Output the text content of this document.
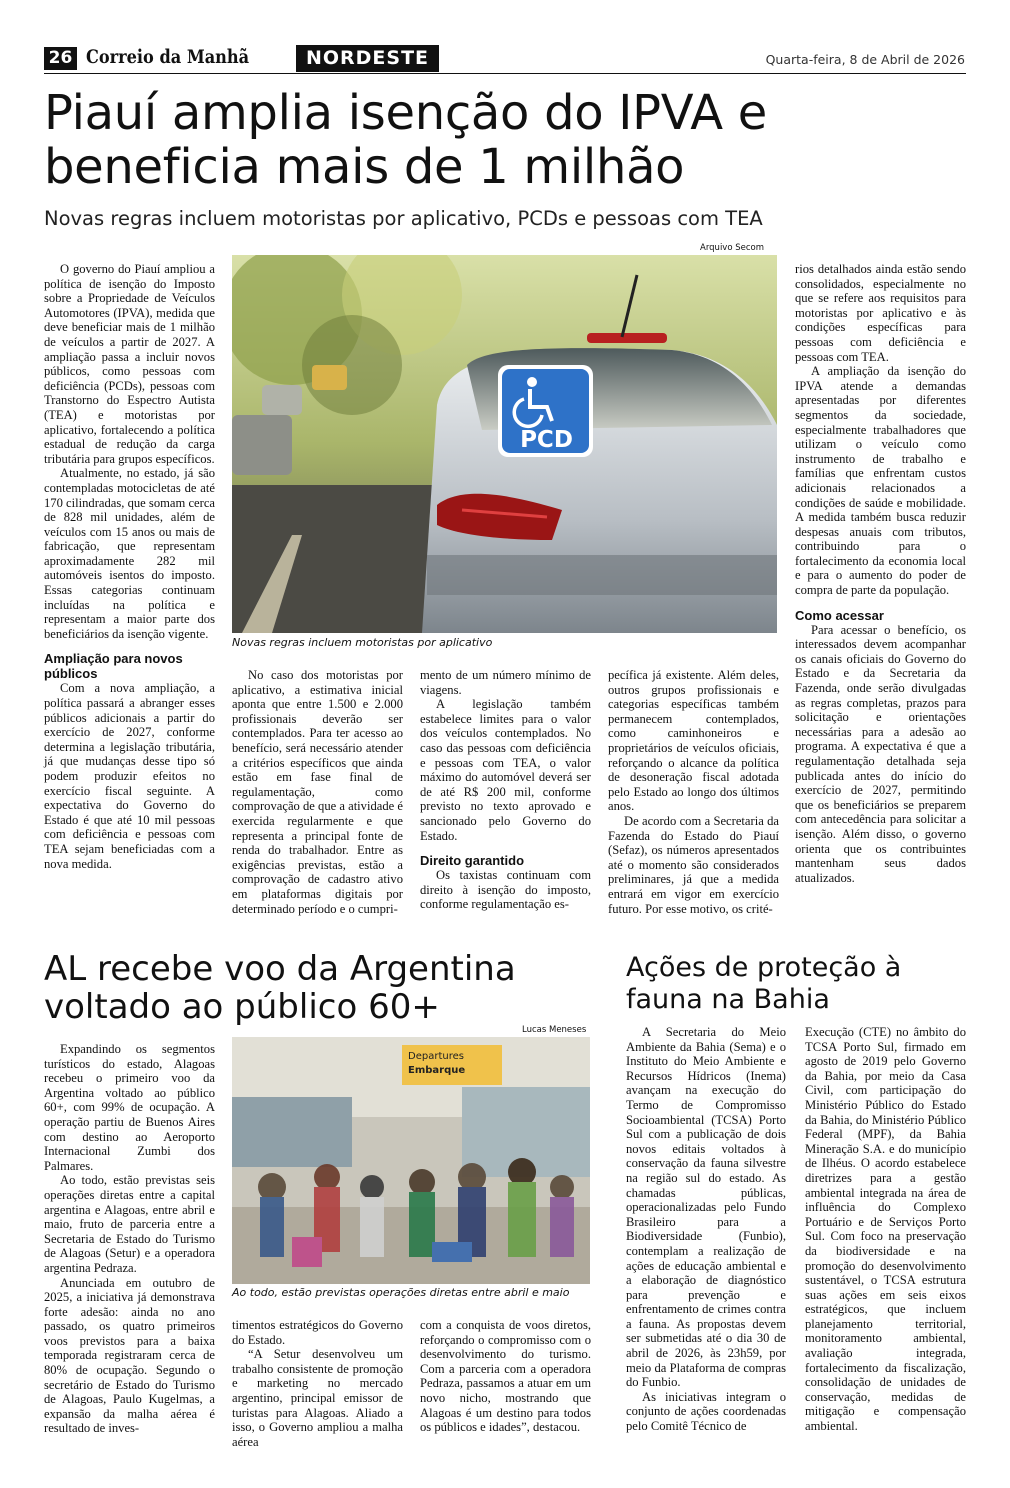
26 Correio da Manhã	NORDESTE	Quarta-feira, 8 de Abril de 2026
Piauí amplia isenção do IPVA e
beneficia mais de 1 milhão
Novas regras incluem motoristas por aplicativo, PCDs e pessoas com TEA
Arquivo Secom
PCD
Novas regras incluem motoristas por aplicativo

O governo do Piauí ampliou a política de isenção do Imposto sobre a Propriedade de Veículos Automotores (IPVA), medida que deve beneficiar mais de 1 milhão de veículos a partir de 2027. A ampliação passa a incluir novos públicos, como pessoas com deficiência (PCDs), pessoas com Transtorno do Espectro Autista (TEA) e motoristas por aplicativo, fortalecendo a política estadual de redução da carga tributária para grupos específicos.

Atualmente, no estado, já são contempladas motocicletas de até 170 cilindradas, que somam cerca de 828 mil unidades, além de veículos com 15 anos ou mais de fabricação, que representam aproximadamente 282 mil automóveis isentos do imposto. Essas categorias continuam incluídas na política e representam a maior parte dos beneficiários da isenção vigente.

Ampliação para novos públicos

Com a nova ampliação, a política passará a abranger esses públicos adicionais a partir do exercício de 2027, conforme determina a legislação tributária, já que mudanças desse tipo só podem produzir efeitos no exercício fiscal seguinte. A expectativa do Governo do Estado é que até 10 mil pessoas com deficiência e pessoas com TEA sejam beneficiadas com a nova medida.

No caso dos motoristas por aplicativo, a estimativa inicial aponta que entre 1.500 e 2.000 profissionais deverão ser contemplados. Para ter acesso ao benefício, será necessário atender a critérios específicos que ainda estão em fase final de regulamentação, como comprovação de que a atividade é exercida regularmente e que representa a principal fonte de renda do trabalhador. Entre as exigências previstas, estão a comprovação de cadastro ativo em plataformas digitais por determinado período e o cumpri-

mento de um número mínimo de viagens.

A legislação também estabelece limites para o valor dos veículos contemplados. No caso das pessoas com deficiência e pessoas com TEA, o valor máximo do automóvel deverá ser de até R$ 200 mil, conforme previsto no texto aprovado e sancionado pelo Governo do Estado.

Direito garantido

Os taxistas continuam com direito à isenção do imposto, conforme regulamentação es-

pecífica já existente. Além deles, outros grupos profissionais e categorias específicas também permanecem contemplados, como caminhoneiros e proprietários de veículos oficiais, reforçando o alcance da política de desoneração fiscal adotada pelo Estado ao longo dos últimos anos.

De acordo com a Secretaria da Fazenda do Estado do Piauí (Sefaz), os números apresentados até o momento são considerados preliminares, já que a medida entrará em vigor em exercício futuro. Por esse motivo, os crité-

rios detalhados ainda estão sendo consolidados, especialmente no que se refere aos requisitos para motoristas por aplicativo e às condições específicas para pessoas com deficiência e pessoas com TEA.

A ampliação da isenção do IPVA atende a demandas apresentadas por diferentes segmentos da sociedade, especialmente trabalhadores que utilizam o veículo como instrumento de trabalho e famílias que enfrentam custos adicionais relacionados a condições de saúde e mobilidade. A medida também busca reduzir despesas anuais com tributos, contribuindo para o fortalecimento da economia local e para o aumento do poder de compra de parte da população.

Como acessar

Para acessar o benefício, os interessados devem acompanhar os canais oficiais do Governo do Estado e da Secretaria da Fazenda, onde serão divulgadas as regras completas, prazos para solicitação e orientações necessárias para a adesão ao programa. A expectativa é que a regulamentação detalhada seja publicada antes do início do exercício de 2027, permitindo que os beneficiários se preparem com antecedência para solicitar a isenção. Além disso, o governo orienta que os contribuintes mantenham seus dados atualizados.

AL recebe voo da Argentina
voltado ao público 60+
Lucas Meneses
Departures
Embarque
Ao todo, estão previstas operações diretas entre abril e maio

Expandindo os segmentos turísticos do estado, Alagoas recebeu o primeiro voo da Argentina voltado ao público 60+, com 99% de ocupação. A operação partiu de Buenos Aires com destino ao Aeroporto Internacional Zumbi dos Palmares.

Ao todo, estão previstas seis operações diretas entre a capital argentina e Alagoas, entre abril e maio, fruto de parceria entre a Secretaria de Estado do Turismo de Alagoas (Setur) e a operadora argentina Pedraza.

Anunciada em outubro de 2025, a iniciativa já demonstrava forte adesão: ainda no ano passado, os quatro primeiros voos previstos para a baixa temporada registraram cerca de 80% de ocupação. Segundo o secretário de Estado do Turismo de Alagoas, Paulo Kugelmas, a expansão da malha aérea é resultado de inves-

timentos estratégicos do Governo do Estado.

“A Setur desenvolveu um trabalho consistente de promoção e marketing no mercado argentino, principal emissor de turistas para Alagoas. Aliado a isso, o Governo ampliou a malha aérea

com a conquista de voos diretos, reforçando o compromisso com o desenvolvimento do turismo. Com a parceria com a operadora Pedraza, passamos a atuar em um novo nicho, mostrando que Alagoas é um destino para todos os públicos e idades”, destacou.

Ações de proteção à
fauna na Bahia

A Secretaria do Meio Ambiente da Bahia (Sema) e o Instituto do Meio Ambiente e Recursos Hídricos (Inema) avançam na execução do Termo de Compromisso Socioambiental (TCSA) Porto Sul com a publicação de dois novos editais voltados à conservação da fauna silvestre na região sul do estado. As chamadas públicas, operacionalizadas pelo Fundo Brasileiro para a Biodiversidade (Funbio), contemplam a realização de ações de educação ambiental e a elaboração de diagnóstico para prevenção e enfrentamento de crimes contra a fauna. As propostas devem ser submetidas até o dia 30 de abril de 2026, às 23h59, por meio da Plataforma de compras do Funbio.

As iniciativas integram o conjunto de ações coordenadas pelo Comitê Técnico de

Execução (CTE) no âmbito do TCSA Porto Sul, firmado em agosto de 2019 pelo Governo da Bahia, por meio da Casa Civil, com participação do Ministério Público do Estado da Bahia, do Ministério Público Federal (MPF), da Bahia Mineração S.A. e do município de Ilhéus. O acordo estabelece diretrizes para a gestão ambiental integrada na área de influência do Complexo Portuário e de Serviços Porto Sul. Com foco na preservação da biodiversidade e na promoção do desenvolvimento sustentável, o TCSA estrutura suas ações em seis eixos estratégicos, que incluem planejamento territorial, monitoramento ambiental, avaliação integrada, fortalecimento da fiscalização, consolidação de unidades de conservação, medidas de mitigação e compensação ambiental.
